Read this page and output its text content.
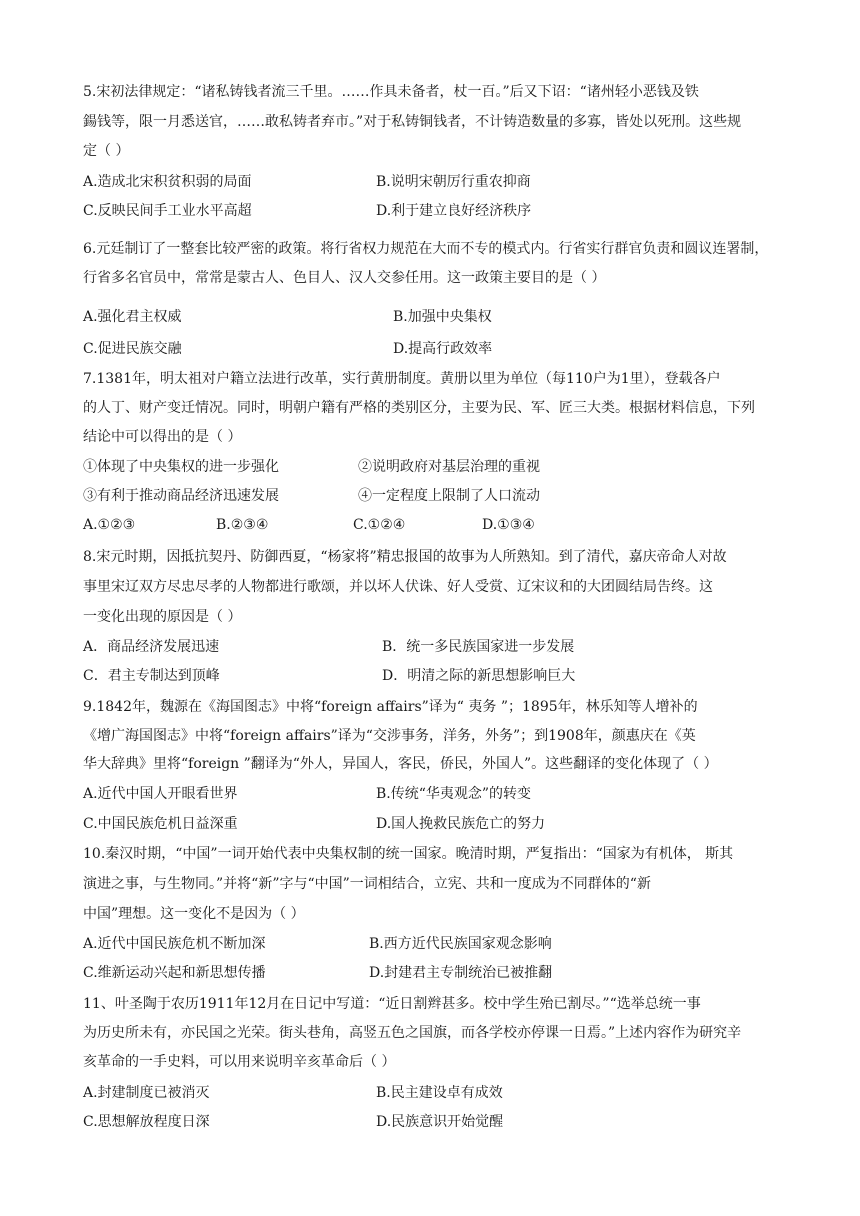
5.宋初法律规定：“诸私铸钱者流三千里。……作具未备者，杖一百。”后又下诏：“诸州轻小恶钱及铁
鍚钱等，限一月悉送官，……敢私铸者弃市。”对于私铸铜钱者，不计铸造数量的多寡，皆处以死刑。这些规
定（ ）
A.造成北宋积贫积弱的局面	B.说明宋朝厉行重农抑商
C.反映民间手工业水平高超	D.利于建立良好经济秩序
6.元廷制订了一整套比较严密的政策。将行省权力规范在大而不专的模式内。行省实行群官负责和圆议连署制，
行省多名官员中，常常是蒙古人、色目人、汉人交参任用。这一政策主要目的是（ ）
A.强化君主权威	B.加强中央集权
C.促进民族交融	D.提高行政效率
7.1381年，明太祖对户籍立法进行改革，实行黄册制度。黄册以里为单位（每110户为1里），登载各户
的人丁、财产变迁情况。同时，明朝户籍有严格的类别区分，主要为民、军、匠三大类。根据材料信息，下列
结论中可以得出的是（ ）
①体现了中央集权的进一步强化	②说明政府对基层治理的重视
③有利于推动商品经济迅速发展	④一定程度上限制了人口流动
A.①②③	B.②③④	C.①②④	D.①③④
8.宋元时期，因抵抗契丹、防御西夏，“杨家将”精忠报国的故事为人所熟知。到了清代，嘉庆帝命人对故
事里宋辽双方尽忠尽孝的人物都进行歌颂，并以坏人伏诛、好人受赏、辽宋议和的大团圆结局告终。这
一变化出现的原因是（ ）
A．商品经济发展迅速	B．统一多民族国家进一步发展
C．君主专制达到顶峰	D．明清之际的新思想影响巨大
9.1842年，魏源在《海国图志》中将“foreign affairs”译为“ 夷务 ”；1895年，林乐知等人增补的
《增广海国图志》中将“foreign affairs”译为“交涉事务，洋务，外务”；到1908年，颜惠庆在《英
华大辞典》里将“foreign ”翻译为“外人，异国人，客民，侨民，外国人”。这些翻译的变化体现了（ ）
A.近代中国人开眼看世界	B.传统“华夷观念”的转变
C.中国民族危机日益深重	D.国人挽救民族危亡的努力
10.秦汉时期，“中国”一词开始代表中央集权制的统一国家。晚清时期，严复指出：“国家为有机体， 斯其
演进之事，与生物同。”并将“新”字与“中国”一词相结合，立宪、共和一度成为不同群体的“新
中国”理想。这一变化不是因为（ ）
A.近代中国民族危机不断加深	B.西方近代民族国家观念影响
C.维新运动兴起和新思想传播	D.封建君主专制统治已被推翻
11、叶圣陶于农历1911年12月在日记中写道：“近日割辫甚多。校中学生殆已割尽。”“选举总统一事
为历史所未有，亦民国之光荣。街头巷角，高竖五色之国旗，而各学校亦停课一日焉。”上述内容作为研究辛
亥革命的一手史料，可以用来说明辛亥革命后（ ）
A.封建制度已被消灭	B.民主建设卓有成效
C.思想解放程度日深	D.民族意识开始觉醒
